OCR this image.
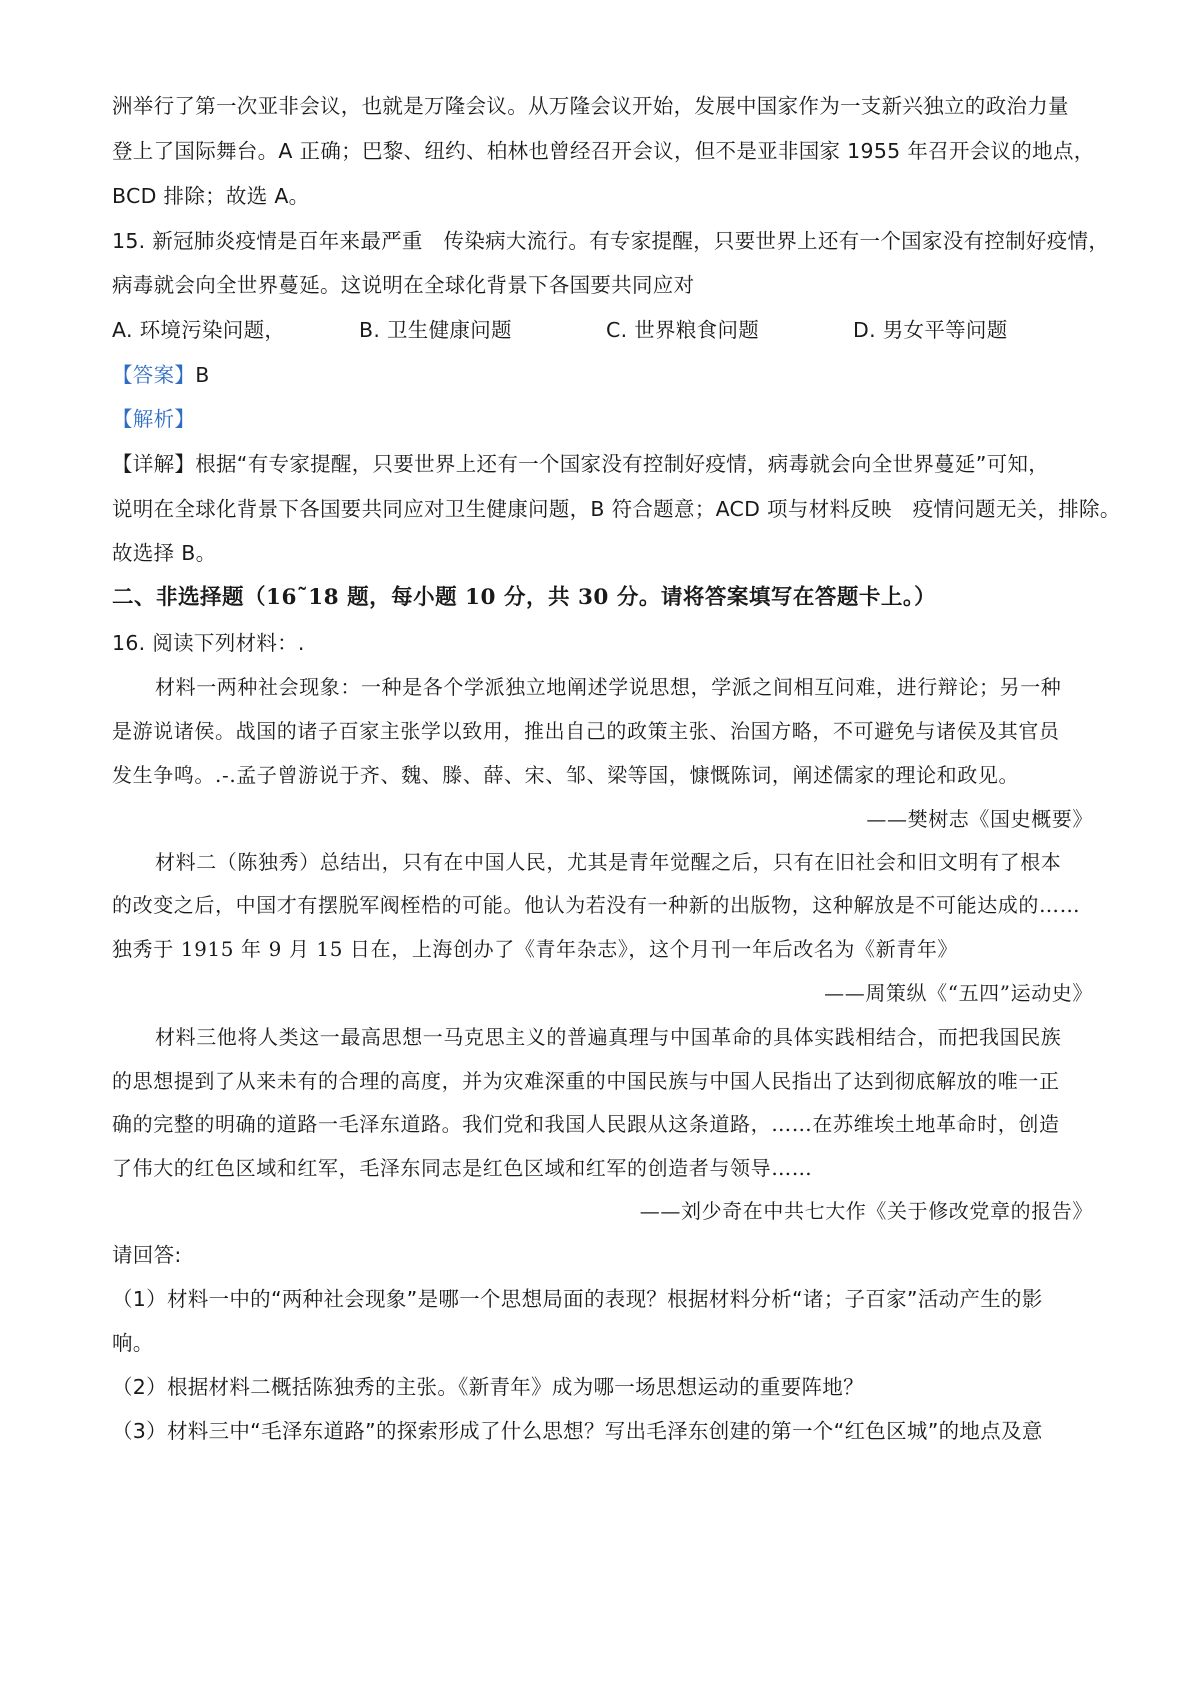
洲举行了第一次亚非会议，也就是万隆会议。从万隆会议开始，发展中国家作为一支新兴独立的政治力量
登上了国际舞台。A 正确；巴黎、纽约、柏林也曾经召开会议，但不是亚非国家 1955 年召开会议的地点，
BCD 排除；故选 A。
15. 新冠肺炎疫情是百年来最严重　传染病大流行。有专家提醒，只要世界上还有一个国家没有控制好疫情，
病毒就会向全世界蔓延。这说明在全球化背景下各国要共同应对
A. 环境污染问题，	B. 卫生健康问题	C. 世界粮食问题	D. 男女平等问题
【答案】B
【解析】
【详解】根据“有专家提醒，只要世界上还有一个国家没有控制好疫情，病毒就会向全世界蔓延”可知，
说明在全球化背景下各国要共同应对卫生健康问题，B 符合题意；ACD 项与材料反映　疫情问题无关，排除。
故选择 B。
二、非选择题（16˜18 题，每小题 10 分，共 30 分。请将答案填写在答题卡上。）
16. 阅读下列材料：.
材料一两种社会现象：一种是各个学派独立地阐述学说思想，学派之间相互问难，进行辩论；另一种
是游说诸侯。战国的诸子百家主张学以致用，推出自己的政策主张、治国方略，不可避免与诸侯及其官员
发生争鸣。.-.孟子曾游说于齐、魏、滕、薛、宋、邹、梁等国，慷慨陈词，阐述儒家的理论和政见。
——樊树志《国史概要》
材料二（陈独秀）总结出，只有在中国人民，尤其是青年觉醒之后，只有在旧社会和旧文明有了根本
的改变之后，中国才有摆脱军阀桎梏的可能。他认为若没有一种新的出版物，这种解放是不可能达成的……
独秀于 1915 年 9 月 15 日在，上海创办了《青年杂志》，这个月刊一年后改名为《新青年》
——周策纵《“五四”运动史》
材料三他将人类这一最高思想一马克思主义的普遍真理与中国革命的具体实践相结合，而把我国民族
的思想提到了从来未有的合理的高度，并为灾难深重的中国民族与中国人民指出了达到彻底解放的唯一正
确的完整的明确的道路一毛泽东道路。我们党和我国人民跟从这条道路，……在苏维埃土地革命时，创造
了伟大的红色区域和红军，毛泽东同志是红色区域和红军的创造者与领导……
——刘少奇在中共七大作《关于修改党章的报告》
请回答:
（1）材料一中的“两种社会现象”是哪一个思想局面的表现？根据材料分析“诸；子百家”活动产生的影
响。
（2）根据材料二概括陈独秀的主张。《新青年》成为哪一场思想运动的重要阵地？
（3）材料三中“毛泽东道路”的探索形成了什么思想？写出毛泽东创建的第一个“红色区城”的地点及意
